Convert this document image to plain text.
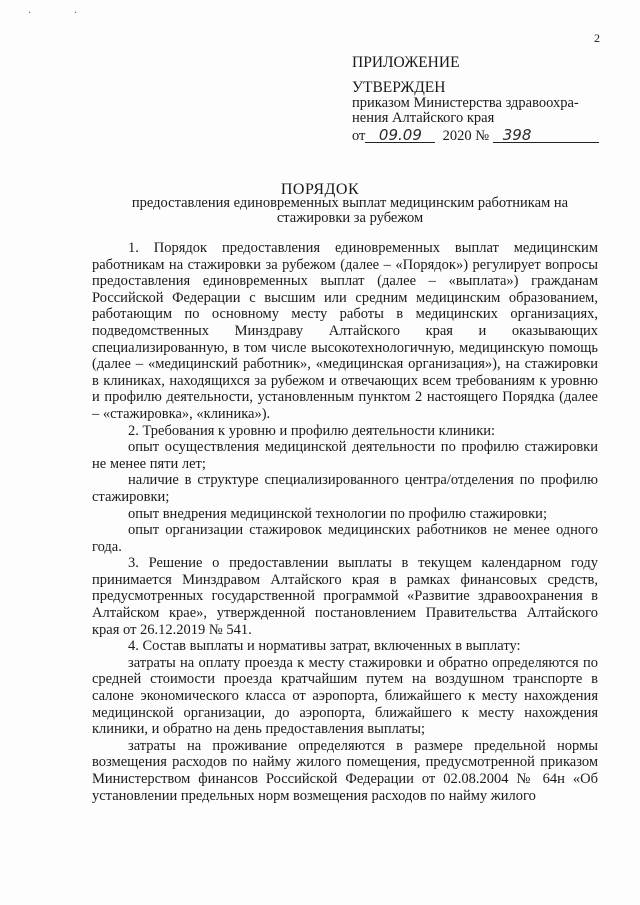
· ·
2
ПРИЛОЖЕНИЕ
УТВЕРЖДЕН
приказом Министерства здравоохра-
нения Алтайского края
от 09.09 2020 № 398
ПОРЯДОК
предоставления единовременных выплат медицинским работникам на стажировки за рубежом

1. Порядок предоставления единовременных выплат медицинским работникам на стажировки за рубежом (далее – «Порядок») регулирует вопросы предоставления единовременных выплат (далее – «выплата») гражданам Российской Федерации с высшим или средним медицинским образованием, работающим по основному месту работы в медицинских организациях, подведомственных Минздраву Алтайского края и оказывающих специализированную, в том числе высокотехнологичную, медицинскую помощь (далее – «медицинский работник», «медицинская организация»), на стажировки в клиниках, находящихся за рубежом и отвечающих всем требованиям к уровню и профилю деятельности, установленным пунктом 2 настоящего Порядка (далее – «стажировка», «клиника»).

2. Требования к уровню и профилю деятельности клиники:

опыт осуществления медицинской деятельности по профилю стажировки не менее пяти лет;

наличие в структуре специализированного центра/отделения по профилю стажировки;

опыт внедрения медицинской технологии по профилю стажировки;

опыт организации стажировок медицинских работников не менее одного года.

3. Решение о предоставлении выплаты в текущем календарном году принимается Минздравом Алтайского края в рамках финансовых средств, предусмотренных государственной программой «Развитие здравоохранения в Алтайском крае», утвержденной постановлением Правительства Алтайского края от 26.12.2019 № 541.

4. Состав выплаты и нормативы затрат, включенных в выплату:

затраты на оплату проезда к месту стажировки и обратно определяются по средней стоимости проезда кратчайшим путем на воздушном транспорте в салоне экономического класса от аэропорта, ближайшего к месту нахождения медицинской организации, до аэропорта, ближайшего к месту нахождения клиники, и обратно на день предоставления выплаты;

затраты на проживание определяются в размере предельной нормы возмещения расходов по найму жилого помещения, предусмотренной приказом Министерством финансов Российской Федерации от 02.08.2004 № 64н «Об установлении предельных норм возмещения расходов по найму жилого
